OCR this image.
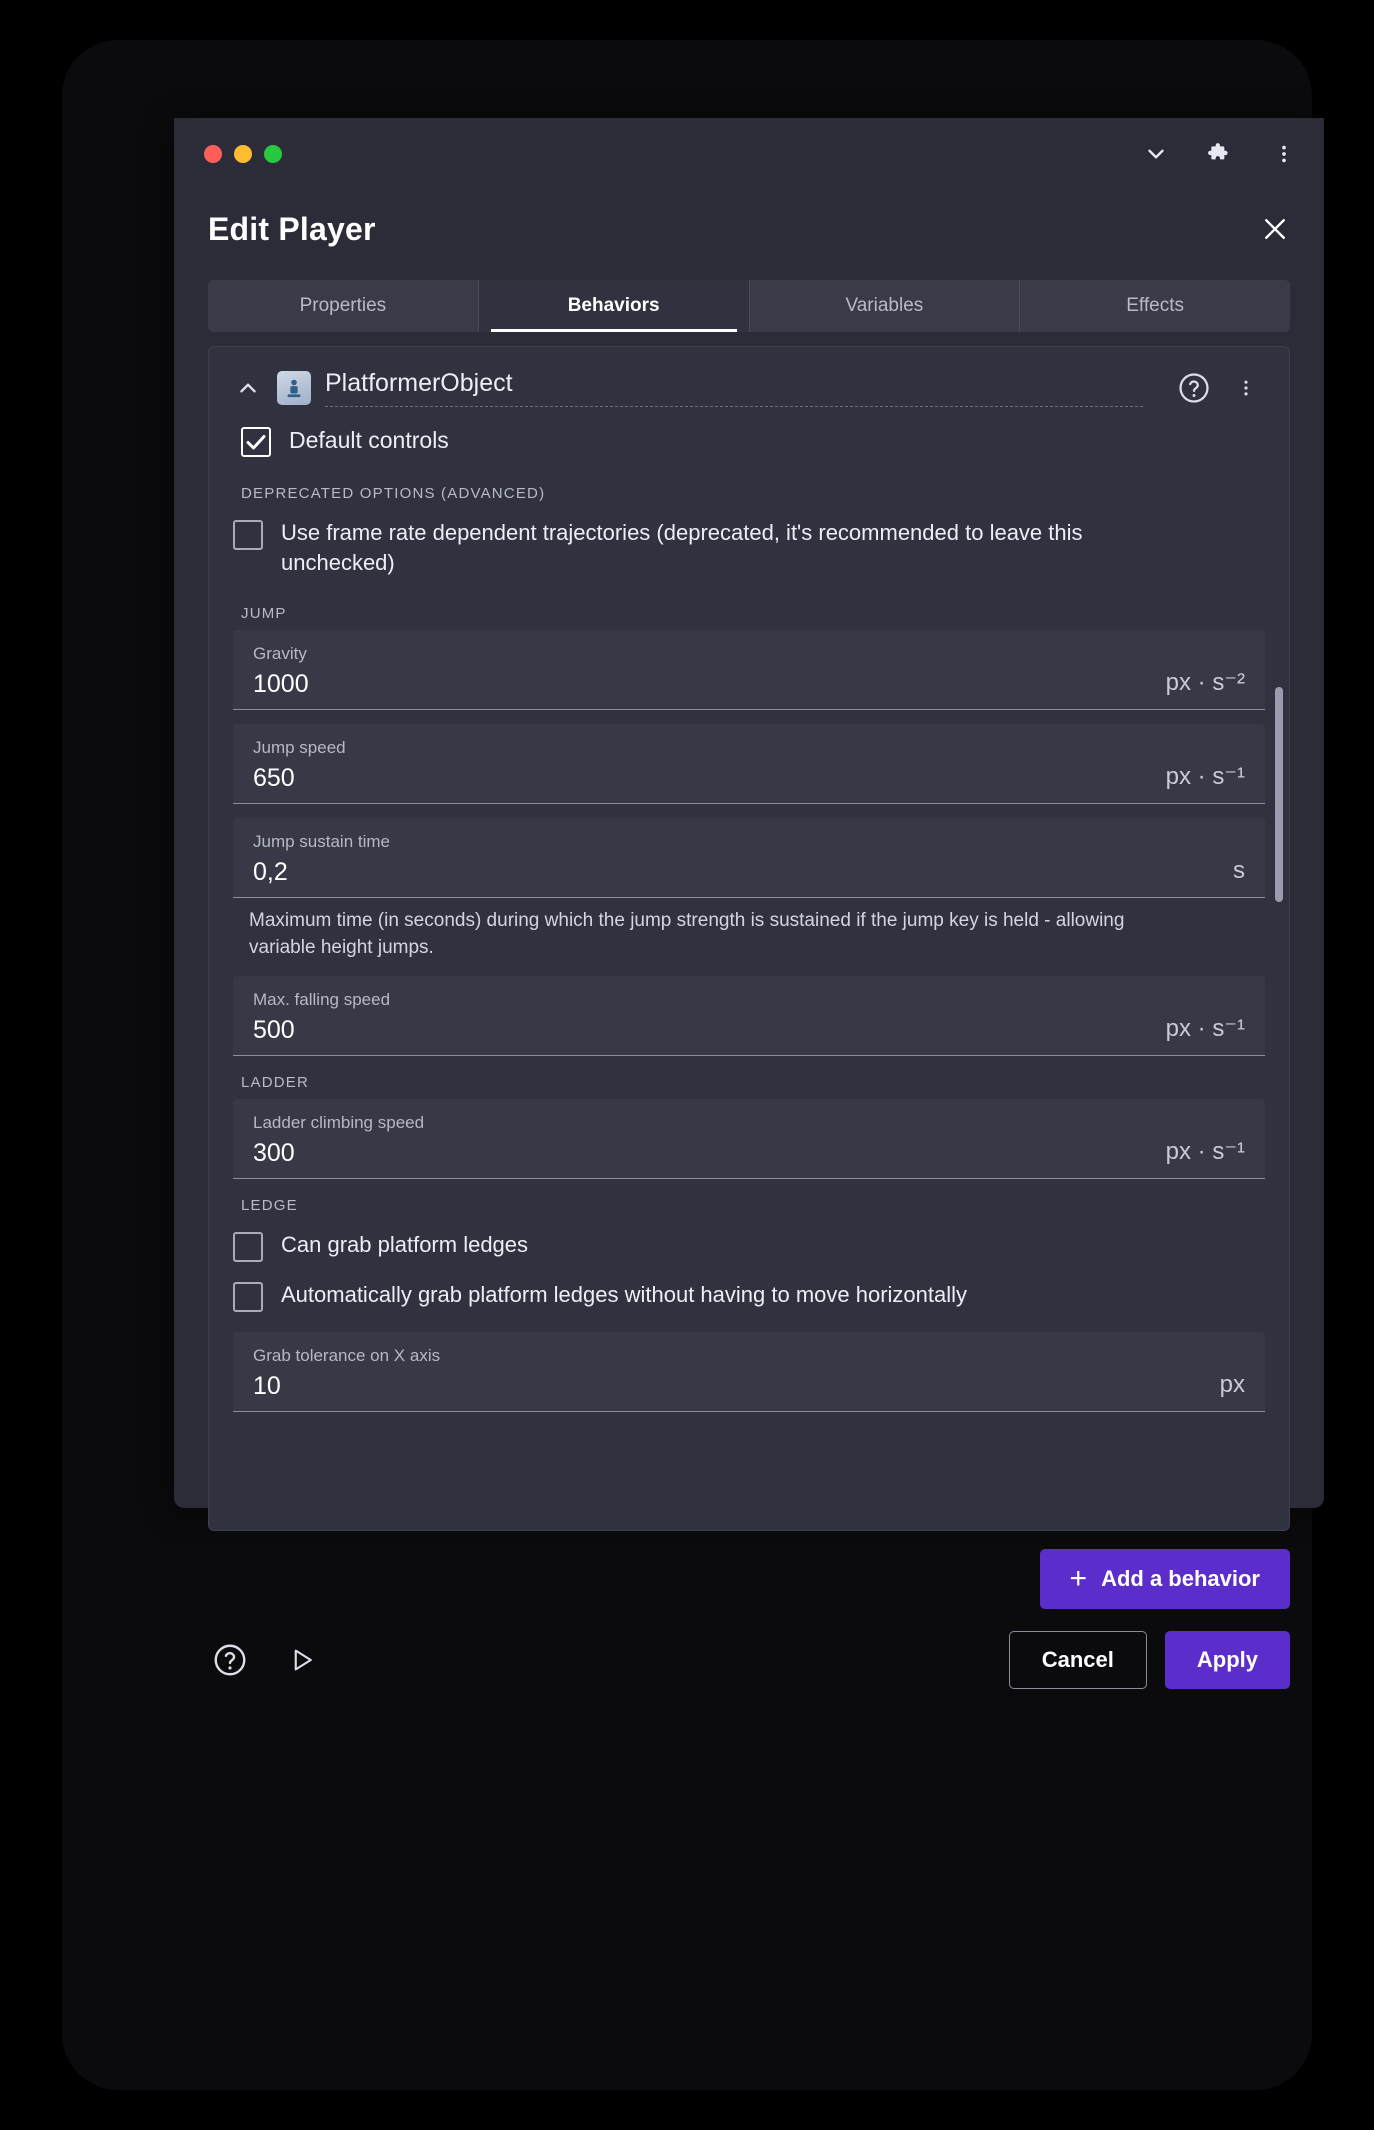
Edit Player
Properties	Behaviors	Variables	Effects
PlatformerObject
Default controls
DEPRECATED OPTIONS (ADVANCED)
Use frame rate dependent trajectories (deprecated, it's recommended to leave this unchecked)
JUMP
Gravity
1000	px · s⁻²
Jump speed
650	px · s⁻¹
Jump sustain time
0,2	s
Maximum time (in seconds) during which the jump strength is sustained if the jump key is held - allowing variable height jumps.
Max. falling speed
500	px · s⁻¹
LADDER
Ladder climbing speed
300	px · s⁻¹
LEDGE
Can grab platform ledges
Automatically grab platform ledges without having to move horizontally
Grab tolerance on X axis
10	px
+ Add a behavior
Cancel	Apply
